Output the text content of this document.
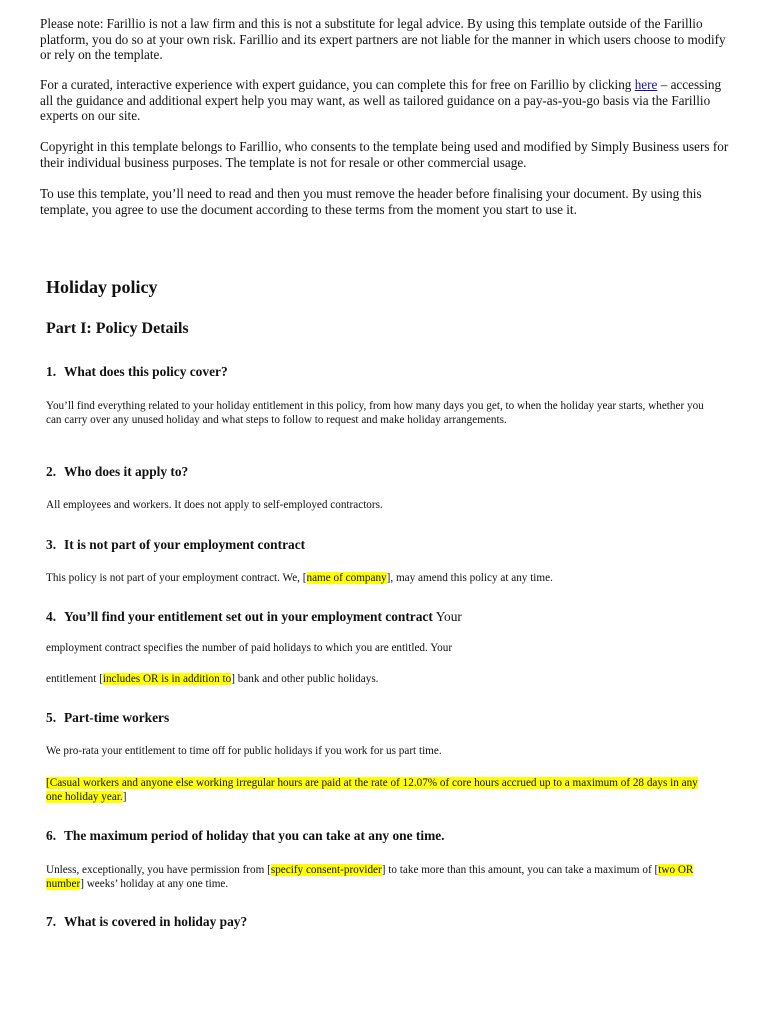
Please note: Farillio is not a law firm and this is not a substitute for legal advice. By using this template outside of the Farillio platform, you do so at your own risk. Farillio and its expert partners are not liable for the manner in which users choose to modify or rely on the template.

For a curated, interactive experience with expert guidance, you can complete this for free on Farillio by clicking here – accessing all the guidance and additional expert help you may want, as well as tailored guidance on a pay-as-you-go basis via the Farillio experts on our site.

Copyright in this template belongs to Farillio, who consents to the template being used and modified by Simply Business users for their individual business purposes. The template is not for resale or other commercial usage.

To use this template, you’ll need to read and then you must remove the header before finalising your document. By using this template, you agree to use the document according to these terms from the moment you start to use it.

Holiday policy
Part I: Policy Details
1. What does this policy cover?

You’ll find everything related to your holiday entitlement in this policy, from how many days you get, to when the holiday year starts, whether you can carry over any unused holiday and what steps to follow to request and make holiday arrangements.

2. Who does it apply to?

All employees and workers. It does not apply to self-employed contractors.

3. It is not part of your employment contract

This policy is not part of your employment contract. We, [name of company], may amend this policy at any time.

4. You’ll find your entitlement set out in your employment contract Your

employment contract specifies the number of paid holidays to which you are entitled. Your

entitlement [includes OR is in addition to] bank and other public holidays.

5. Part-time workers

We pro-rata your entitlement to time off for public holidays if you work for us part time.

[Casual workers and anyone else working irregular hours are paid at the rate of 12.07% of core hours accrued up to a maximum of 28 days in any one holiday year.]

6. The maximum period of holiday that you can take at any one time.

Unless, exceptionally, you have permission from [specify consent-provider] to take more than this amount, you can take a maximum of [two OR number] weeks’ holiday at any one time.

7. What is covered in holiday pay?
